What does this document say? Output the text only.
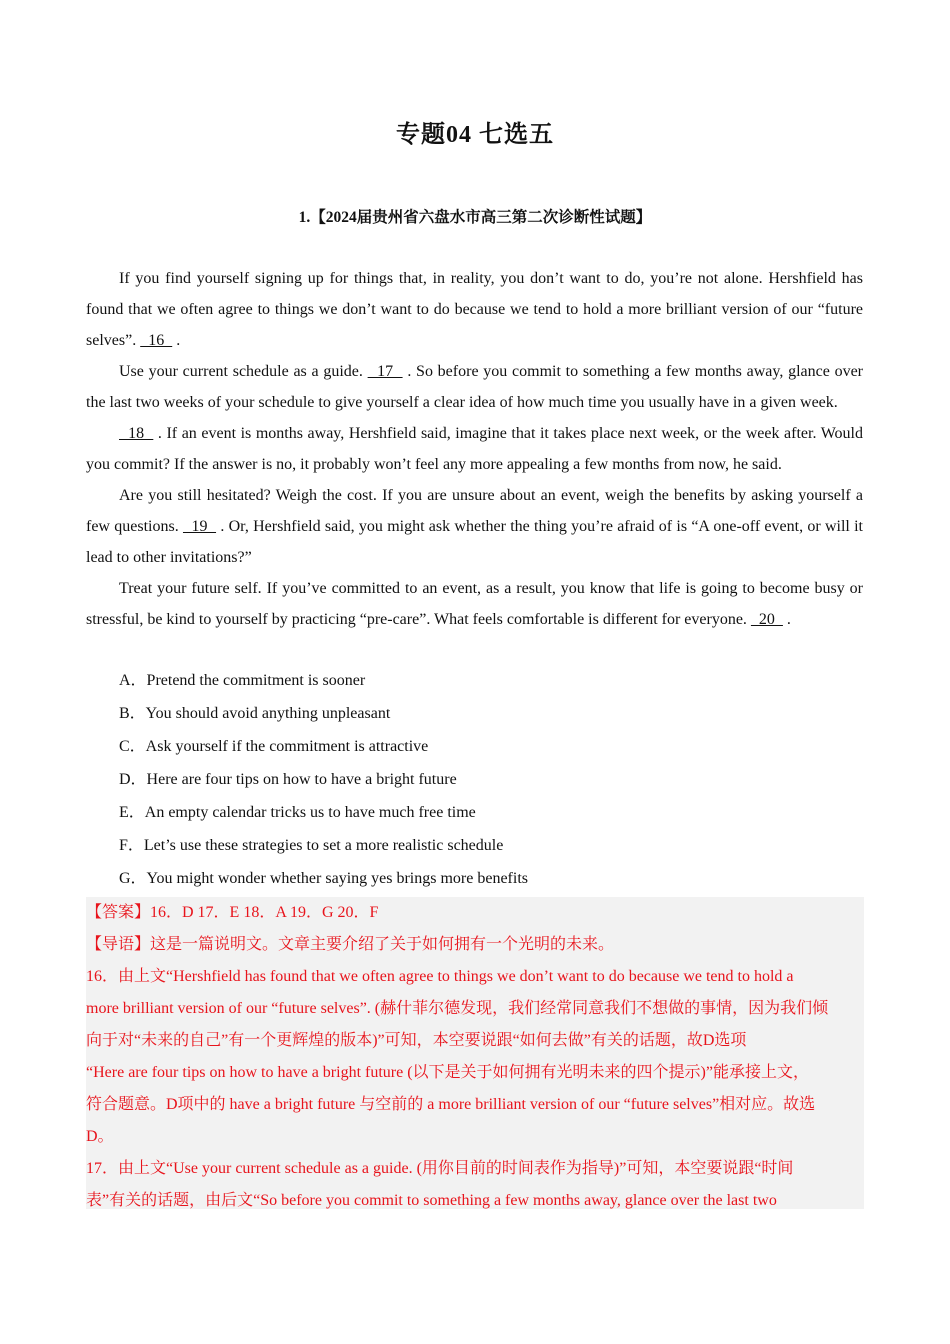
专题04 七选五
1.【2024届贵州省六盘水市高三第二次诊断性试题】

If you find yourself signing up for things that, in reality, you don’t want to do, you’re not alone. Hershfield has found that we often agree to things we don’t want to do because we tend to hold a more brilliant version of our “future selves”.   16   .

Use your current schedule as a guide.   17   . So before you commit to something a few months away, glance over the last two weeks of your schedule to give yourself a clear idea of how much time you usually have in a given week.

18   . If an event is months away, Hershfield said, imagine that it takes place next week, or the week after. Would you commit? If the answer is no, it probably won’t feel any more appealing a few months from now, he said.

Are you still hesitated? Weigh the cost. If you are unsure about an event, weigh the benefits by asking yourself a few questions.   19   . Or, Hershfield said, you might ask whether the thing you’re afraid of is “A one-off event, or will it lead to other invitations?”

Treat your future self. If you’ve committed to an event, as a result, you know that life is going to become busy or stressful, be kind to yourself by practicing “pre-care”. What feels comfortable is different for everyone.   20   .

A．Pretend the commitment is sooner
B．You should avoid anything unpleasant
C．Ask yourself if the commitment is attractive
D．Here are four tips on how to have a bright future
E．An empty calendar tricks us to have much free time
F．Let’s use these strategies to set a more realistic schedule
G．You might wonder whether saying yes brings more benefits
【答案】16．D 17．E 18．A 19．G 20．F
【导语】这是一篇说明文。文章主要介绍了关于如何拥有一个光明的未来。
16．由上文“Hershfield has found that we often agree to things we don’t want to do because we tend to hold a
more brilliant version of our “future selves”. (赫什菲尔德发现，我们经常同意我们不想做的事情，因为我们倾
向于对“未来的自己”有一个更辉煌的版本)”可知，本空要说跟“如何去做”有关的话题，故D选项
“Here are four tips on how to have a bright future (以下是关于如何拥有光明未来的四个提示)”能承接上文，
符合题意。D项中的 have a bright future 与空前的 a more brilliant version of our “future selves”相对应。故选
D。
17．由上文“Use your current schedule as a guide. (用你目前的时间表作为指导)”可知，本空要说跟“时间
表”有关的话题，由后文“So before you commit to something a few months away, glance over the last two
